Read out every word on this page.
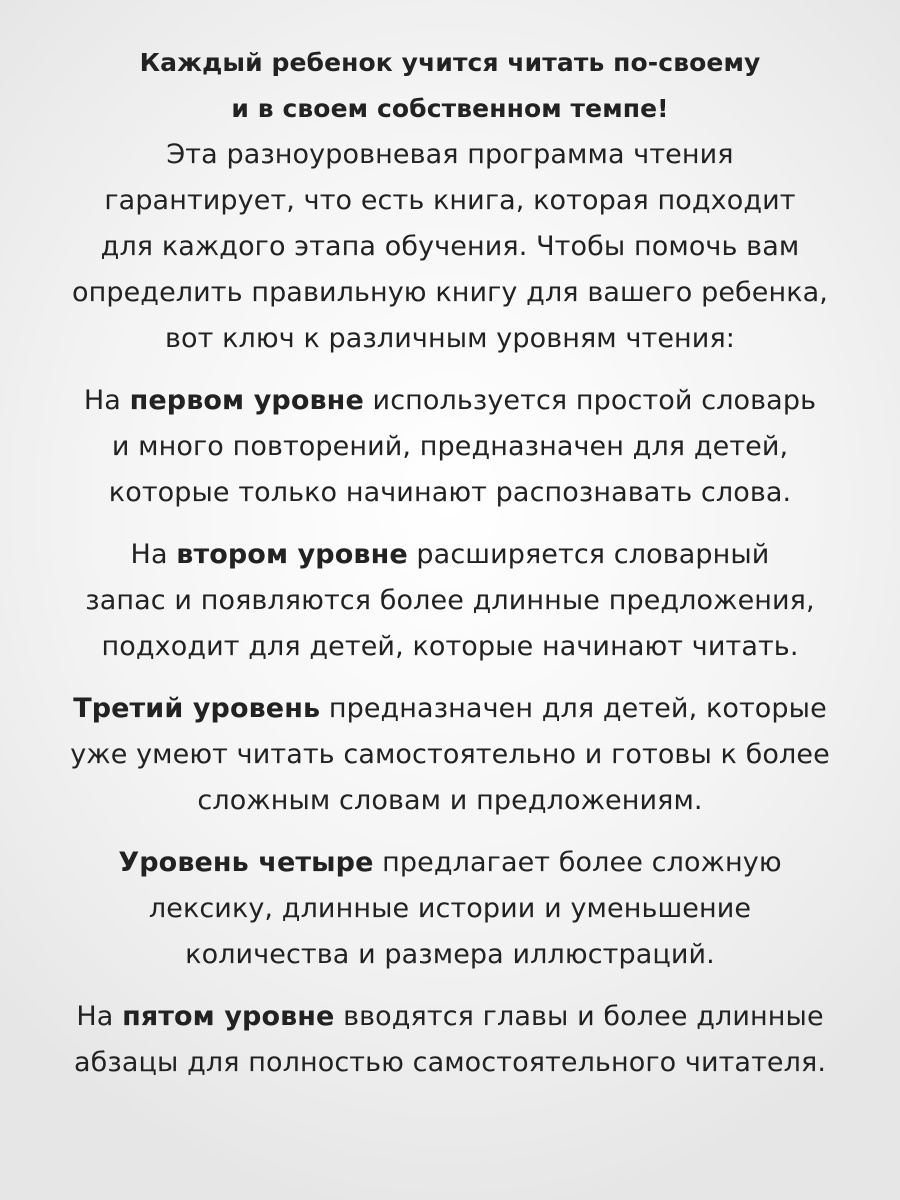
Каждый ребенок учится читать по-своему
и в своем собственном темпе!
Эта разноуровневая программа чтения
гарантирует, что есть книга, которая подходит
для каждого этапа обучения. Чтобы помочь вам
определить правильную книгу для вашего ребенка,
вот ключ к различным уровням чтения:
На первом уровне используется простой словарь
и много повторений, предназначен для детей,
которые только начинают распознавать слова.
На втором уровне расширяется словарный
запас и появляются более длинные предложения,
подходит для детей, которые начинают читать.
Третий уровень предназначен для детей, которые
уже умеют читать самостоятельно и готовы к более
сложным словам и предложениям.
Уровень четыре предлагает более сложную
лексику, длинные истории и уменьшение
количества и размера иллюстраций.
На пятом уровне вводятся главы и более длинные
абзацы для полностью самостоятельного читателя.
